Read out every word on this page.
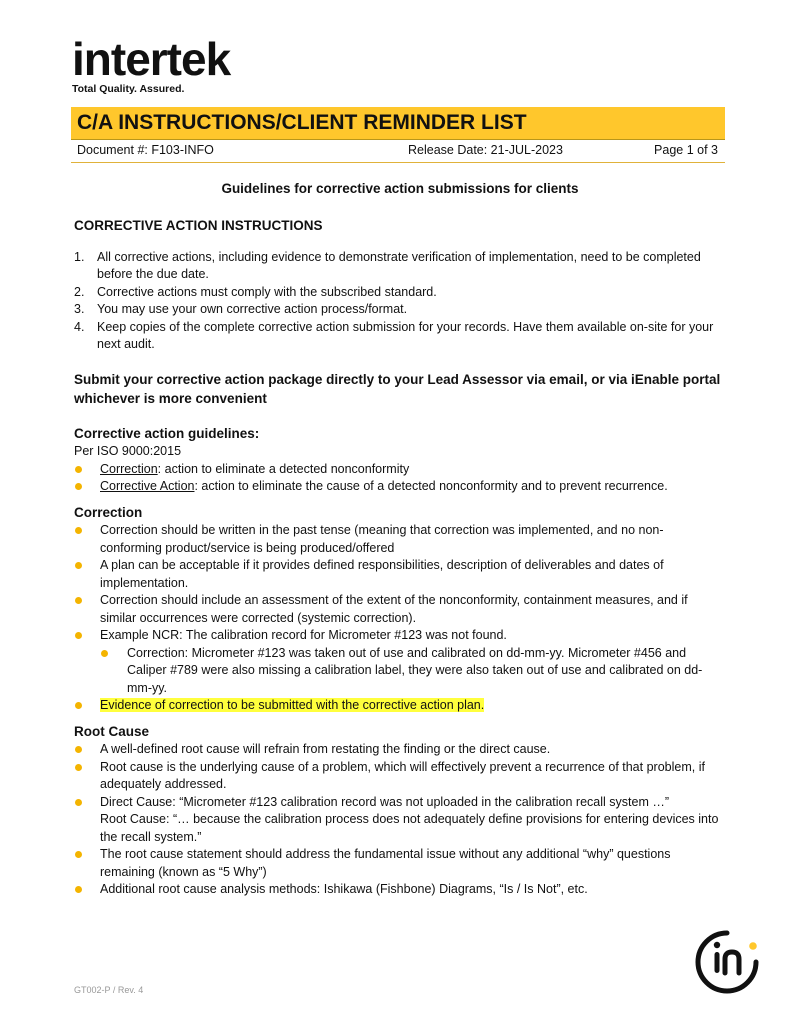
intertek
Total Quality. Assured.
C/A INSTRUCTIONS/CLIENT REMINDER LIST
Document #: F103-INFO	Release Date: 21-JUL-2023	Page 1 of 3
Guidelines for corrective action submissions for clients
CORRECTIVE ACTION INSTRUCTIONS
1. All corrective actions, including evidence to demonstrate verification of implementation, need to be completed before the due date.
2. Corrective actions must comply with the subscribed standard.
3. You may use your own corrective action process/format.
4. Keep copies of the complete corrective action submission for your records. Have them available on-site for your next audit.
Submit your corrective action package directly to your Lead Assessor via email, or via iEnable portal whichever is more convenient
Corrective action guidelines:
Per ISO 9000:2015
Correction: action to eliminate a detected nonconformity
Corrective Action: action to eliminate the cause of a detected nonconformity and to prevent recurrence.
Correction
Correction should be written in the past tense (meaning that correction was implemented, and no non-conforming product/service is being produced/offered
A plan can be acceptable if it provides defined responsibilities, description of deliverables and dates of implementation.
Correction should include an assessment of the extent of the nonconformity, containment measures, and if similar occurrences were corrected (systemic correction).
Example NCR: The calibration record for Micrometer #123 was not found.
Correction: Micrometer #123 was taken out of use and calibrated on dd-mm-yy. Micrometer #456 and Caliper #789 were also missing a calibration label, they were also taken out of use and calibrated on dd-mm-yy.
Evidence of correction to be submitted with the corrective action plan.
Root Cause
A well-defined root cause will refrain from restating the finding or the direct cause.
Root cause is the underlying cause of a problem, which will effectively prevent a recurrence of that problem, if adequately addressed.
Direct Cause: “Micrometer #123 calibration record was not uploaded in the calibration recall system …”
Root Cause: “… because the calibration process does not adequately define provisions for entering devices into the recall system.”
The root cause statement should address the fundamental issue without any additional “why” questions remaining (known as “5 Why”)
Additional root cause analysis methods: Ishikawa (Fishbone) Diagrams, “Is / Is Not”, etc.
GT002-P / Rev. 4
